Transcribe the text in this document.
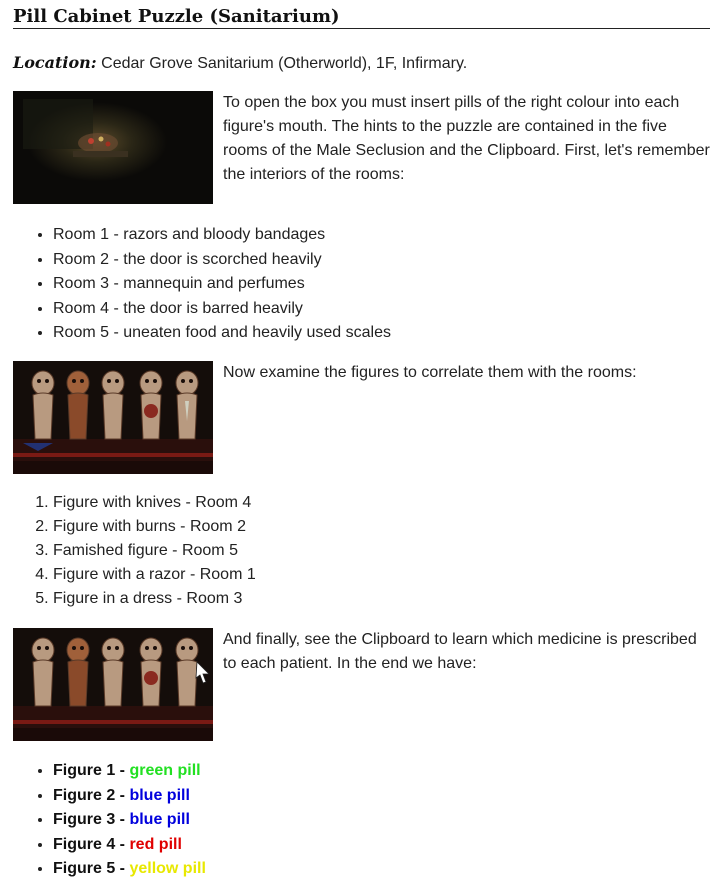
Pill Cabinet Puzzle (Sanitarium)

Location: Cedar Grove Sanitarium (Otherworld), 1F, Infirmary.

To open the box you must insert pills of the right colour into each figure's mouth. The hints to the puzzle are contained in the five rooms of the Male Seclusion and the Clipboard. First, let's remember the interiors of the rooms:

• Room 1 - razors and bloody bandages
• Room 2 - the door is scorched heavily
• Room 3 - mannequin and perfumes
• Room 4 - the door is barred heavily
• Room 5 - uneaten food and heavily used scales

Now examine the figures to correlate them with the rooms:

1. Figure with knives - Room 4
2. Figure with burns - Room 2
3. Famished figure - Room 5
4. Figure with a razor - Room 1
5. Figure in a dress - Room 3

And finally, see the Clipboard to learn which medicine is prescribed to each patient. In the end we have:

• Figure 1 - green pill
• Figure 2 - blue pill
• Figure 3 - blue pill
• Figure 4 - red pill
• Figure 5 - yellow pill
